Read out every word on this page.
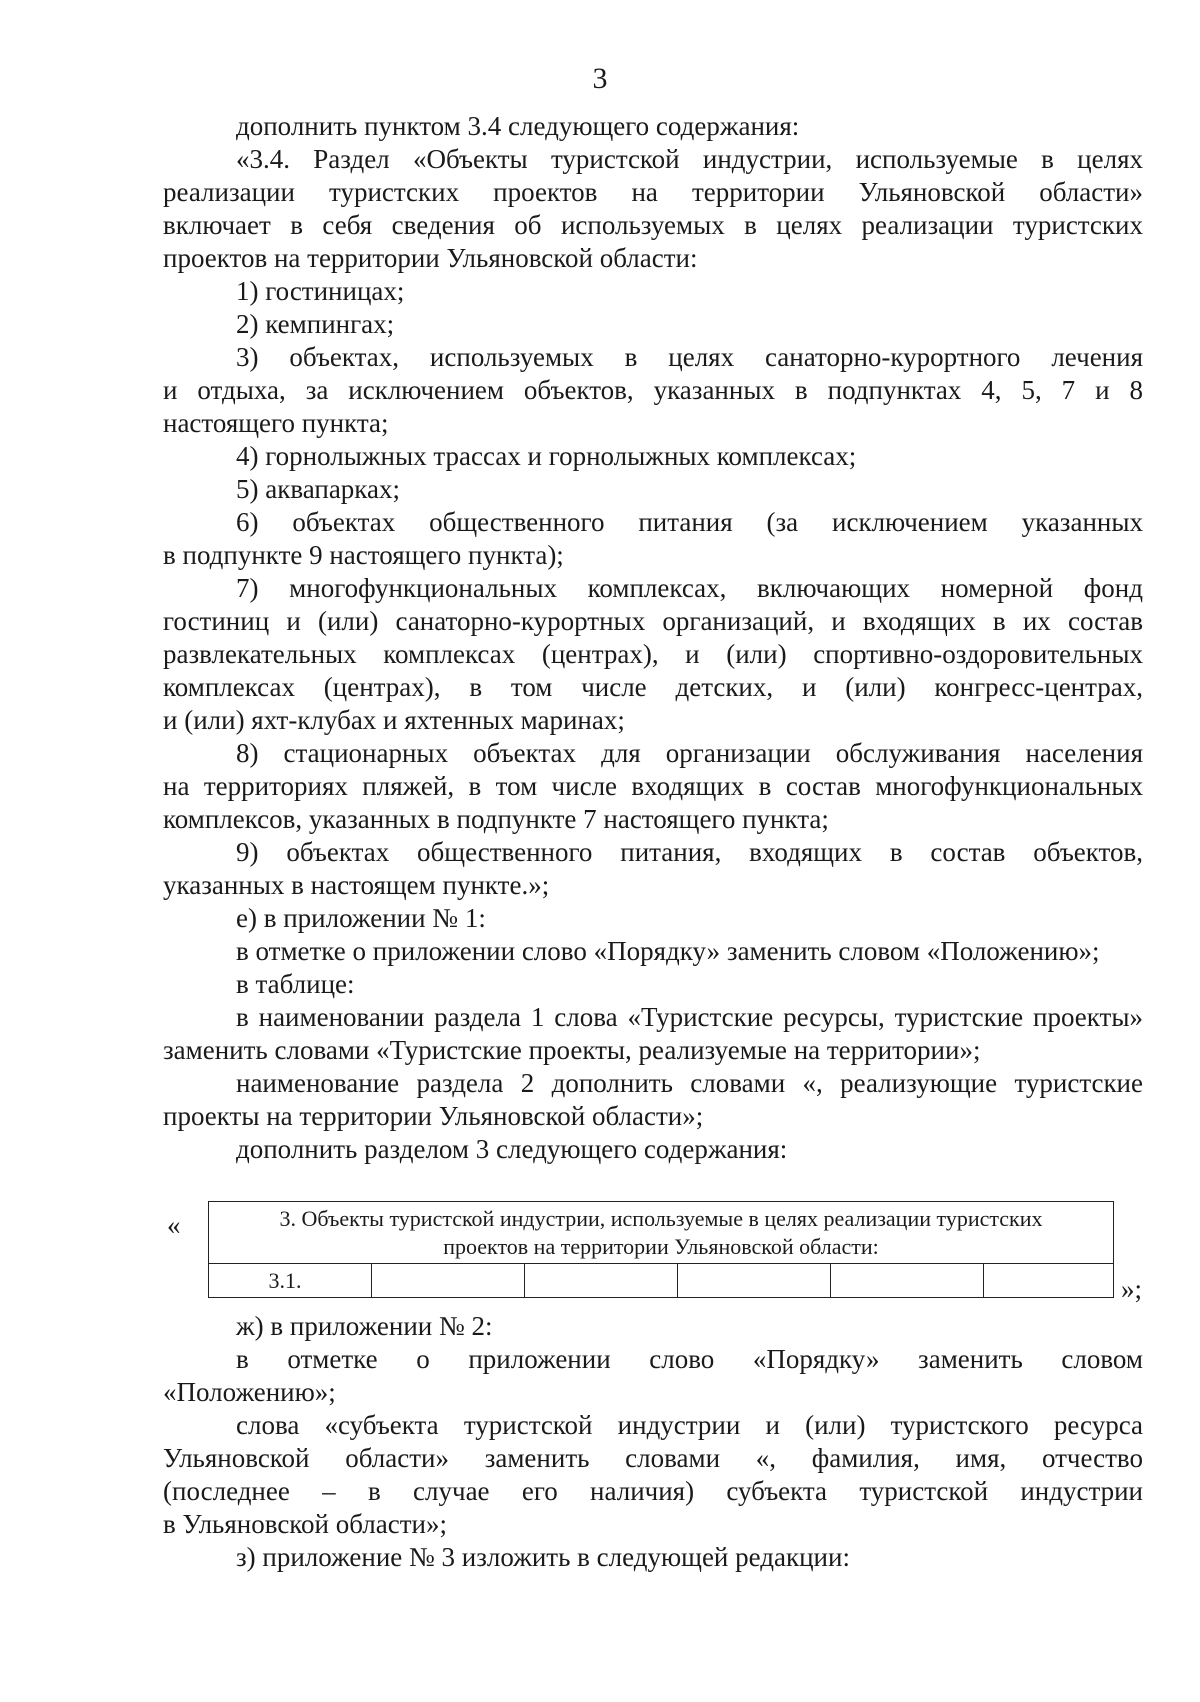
3
дополнить пунктом 3.4 следующего содержания:
«3.4. Раздел «Объекты туристской индустрии, используемые в целях
реализации туристских проектов на территории Ульяновской области»
включает в себя сведения об используемых в целях реализации туристских
проектов на территории Ульяновской области:
1) гостиницах;
2) кемпингах;
3) объектах, используемых в целях санаторно-курортного лечения
и отдыха, за исключением объектов, указанных в подпунктах 4, 5, 7 и 8
настоящего пункта;
4) горнолыжных трассах и горнолыжных комплексах;
5) аквапарках;
6) объектах общественного питания (за исключением указанных
в подпункте 9 настоящего пункта);
7) многофункциональных комплексах, включающих номерной фонд
гостиниц и (или) санаторно-курортных организаций, и входящих в их состав
развлекательных комплексах (центрах), и (или) спортивно-оздоровительных
комплексах (центрах), в том числе детских, и (или) конгресс-центрах,
и (или) яхт-клубах и яхтенных маринах;
8) стационарных объектах для организации обслуживания населения
на территориях пляжей, в том числе входящих в состав многофункциональных
комплексов, указанных в подпункте 7 настоящего пункта;
9) объектах общественного питания, входящих в состав объектов,
указанных в настоящем пункте.»;
е) в приложении № 1:
в отметке о приложении слово «Порядку» заменить словом «Положению»;
в таблице:
в наименовании раздела 1 слова «Туристские ресурсы, туристские проекты»
заменить словами «Туристские проекты, реализуемые на территории»;
наименование раздела 2 дополнить словами «, реализующие туристские
проекты на территории Ульяновской области»;
дополнить разделом 3 следующего содержания:
«	3. Объекты туристской индустрии, используемые в целях реализации туристских
проектов на территории Ульяновской области:

3.1.						»;
ж) в приложении № 2:
в отметке о приложении слово «Порядку» заменить словом
«Положению»;
слова «субъекта туристской индустрии и (или) туристского ресурса
Ульяновской области» заменить словами «, фамилия, имя, отчество
(последнее – в случае его наличия) субъекта туристской индустрии
в Ульяновской области»;
з) приложение № 3 изложить в следующей редакции:
